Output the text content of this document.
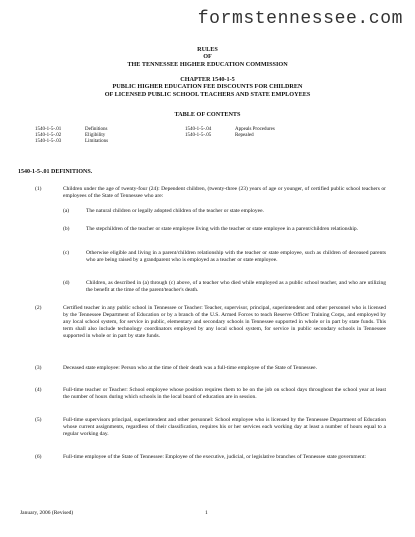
formstennessee.com
RULES
OF
THE TENNESSEE HIGHER EDUCATION COMMISSION
CHAPTER 1540-1-5
PUBLIC HIGHER EDUCATION FEE DISCOUNTS FOR CHILDREN
OF LICENSED PUBLIC SCHOOL TEACHERS AND STATE EMPLOYEES
TABLE OF CONTENTS
1540-1-5-.01	Definitions
1540-1-5-.02	Eligibility
1540-1-5-.03	Limitations
1540-1-5-.04	Appeals Procedures
1540-1-5-.05	Repealed
1540-1-5-.01 DEFINITIONS.
(1)	Children under the age of twenty-four (24): Dependent children, (twenty-three (23) years of age or younger, of certified public school teachers or employees of the State of Tennessee who are:
(a)	The natural children or legally adopted children of the teacher or state employee.
(b)	The stepchildren of the teacher or state employee living with the teacher or state employee in a parent/children relationship.
(c)	Otherwise eligible and living in a parent/children relationship with the teacher or state employee, such as children of deceased parents who are being raised by a grandparent who is employed as a teacher or state employee.
(d)	Children, as described in (a) through (c) above, of a teacher who died while employed as a public school teacher, and who are utilizing the benefit at the time of the parent/teacher's death.
(2)	Certified teacher in any public school in Tennessee or Teacher: Teacher, supervisor, principal, superintendent and other personnel who is licensed by the Tennessee Department of Education or by a branch of the U.S. Armed Forces to teach Reserve Officer Training Corps, and employed by any local school system, for service in public, elementary and secondary schools in Tennessee supported in whole or in part by state funds. This term shall also include technology coordinators employed by any local school system, for service in public secondary schools in Tennessee supported in whole or in part by state funds.
(3)	Deceased state employee: Person who at the time of their death was a full-time employee of the State of Tennessee.
(4)	Full-time teacher or Teacher: School employee whose position requires them to be on the job on school days throughout the school year at least the number of hours during which schools in the local board of education are in session.
(5)	Full-time supervisors principal, superintendent and other personnel: School employee who is licensed by the Tennessee Department of Education whose current assignments, regardless of their classification, requires his or her services each working day at least a number of hours equal to a regular working day.
(6)	Full-time employee of the State of Tennessee: Employee of the executive, judicial, or legislative branches of Tennessee state government:
January, 2006 (Revised)	1
